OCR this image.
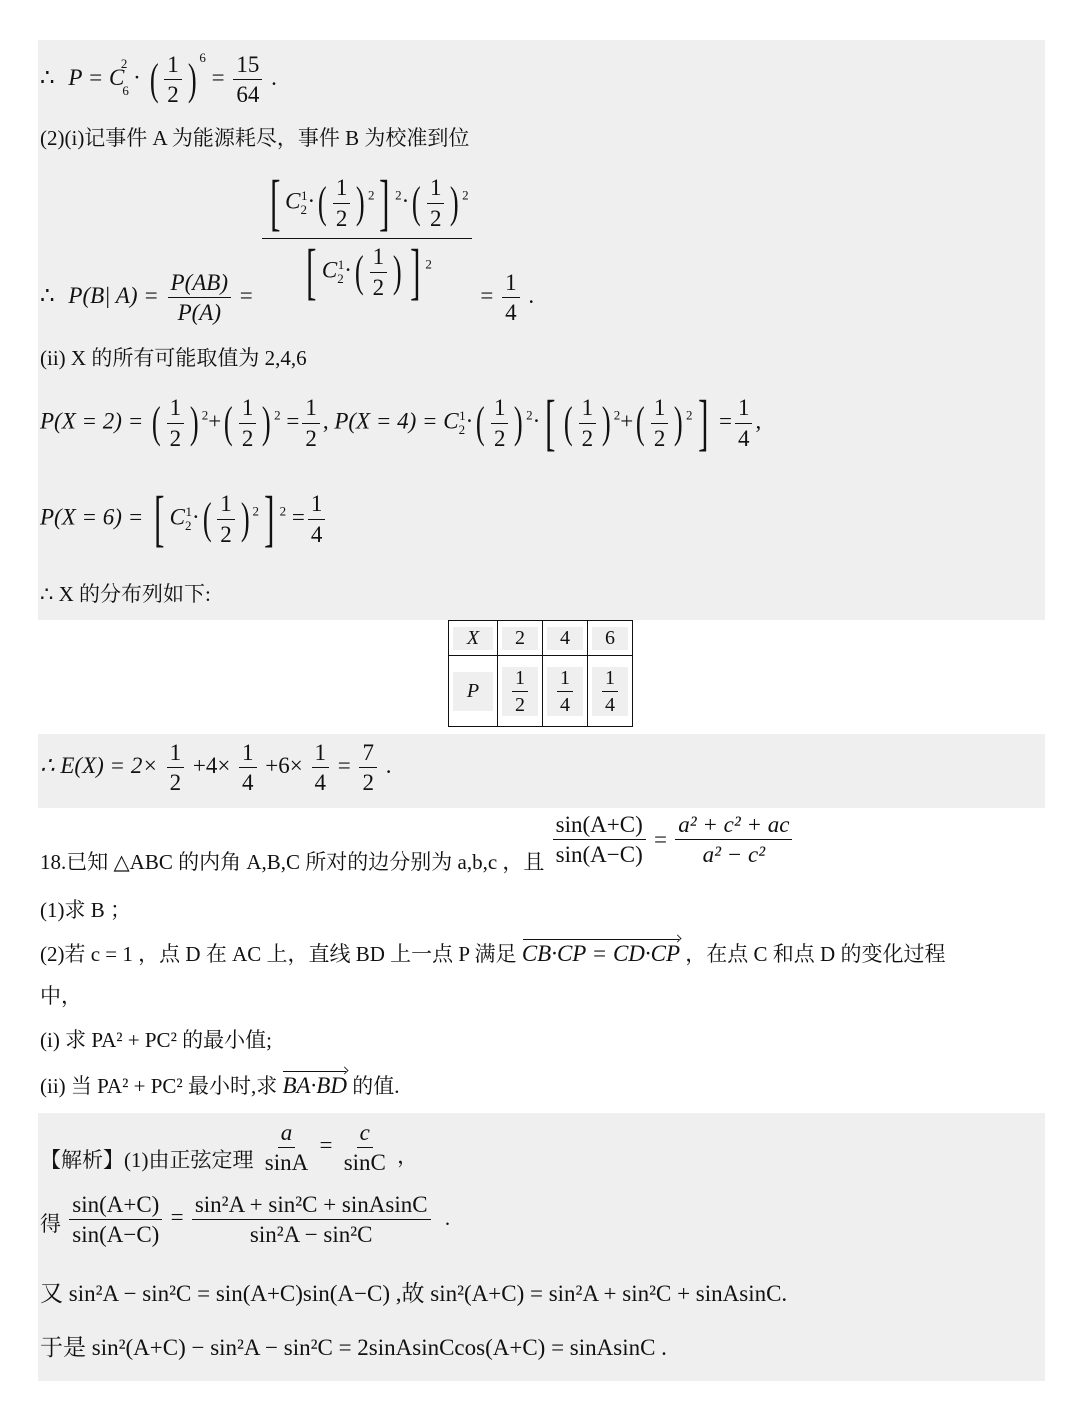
∴ $P = C_6^2$ · ( $\frac{1}{2}$ ) $^6 = \frac{15}{64}$ .
(2)(i)记事件 A 为能源耗尽，事件 B 为校准到位
∴ P(B| $A) = \frac{P(AB)}{P(A)} = \frac{[ C_2^1\cdot( \frac{1}{2} ) ^2] ^2\cdot( \frac{1}{2} ) ^2}{[ C_2^1\cdot( \frac{1}{2} ) ] ^2} = \frac{1}{4}$ .
(ii) X 的所有可能取值为 2,4,6
P(X = 2) = ( $\frac{1}{2}$ ) $^2+( \frac{1}{2}$ ) $^2 = \frac{1}{2}$ , $P(X = 4) = C_2^1\cdot( \frac{1}{2}$ ) $^2$·[ ( $\frac{1}{2}$ ) $^2+( \frac{1}{2}$ ) $^2] = \frac{1}{4}$ ,
P(X = 6) = [ $C_2^1\cdot( \frac{1}{2}$ ) $^2$] $^2 = \frac{1}{4}$
∴ X 的分布列如下:
X	2	4	6

P	$\frac{1}{2}$	$\frac{1}{4}$	$\frac{1}{4}$
∴ $E(X) = 2\times \frac{1}{2} +4\times \frac{1}{4} +6\times \frac{1}{4} = \frac{7}{2}$ .
18.已知 △ABC 的内角 A,B,C 所对的边分别为 a,b,c ，且 $\frac{\sin(A+C)}{\sin(A-C)} = \frac{\text{a² + c² + ac}}{\text{a² − c²}}$
(1)求 B ；
(2)若 c = 1 ，点 D 在 AC 上，直线 BD 上一点 P 满足 CB·CP = CD·CP ，在点 C 和点 D 的变化过程
中，
(i) 求 PA² + PC² 的最小值;
(ii) 当 PA² + PC² 最小时,求 BA·BD 的值.
【解析】(1)由正弦定理 $\frac{a}{\sin A} = \frac{c}{\sin C}$ ，
得 $\frac{\sin(A+C)}{\sin(A-C)} = \frac{\text{sin²A + sin²C + sinAsinC}}{\text{sin²A − sin²C}}$ .
又 sin²A − sin²C = sin(A+C)sin(A−C) ,故 sin²(A+C) = sin²A + sin²C + sinAsinC.
于是 sin²(A+C) − sin²A − sin²C = 2sinAsinCcos(A+C) = sinAsinC .
